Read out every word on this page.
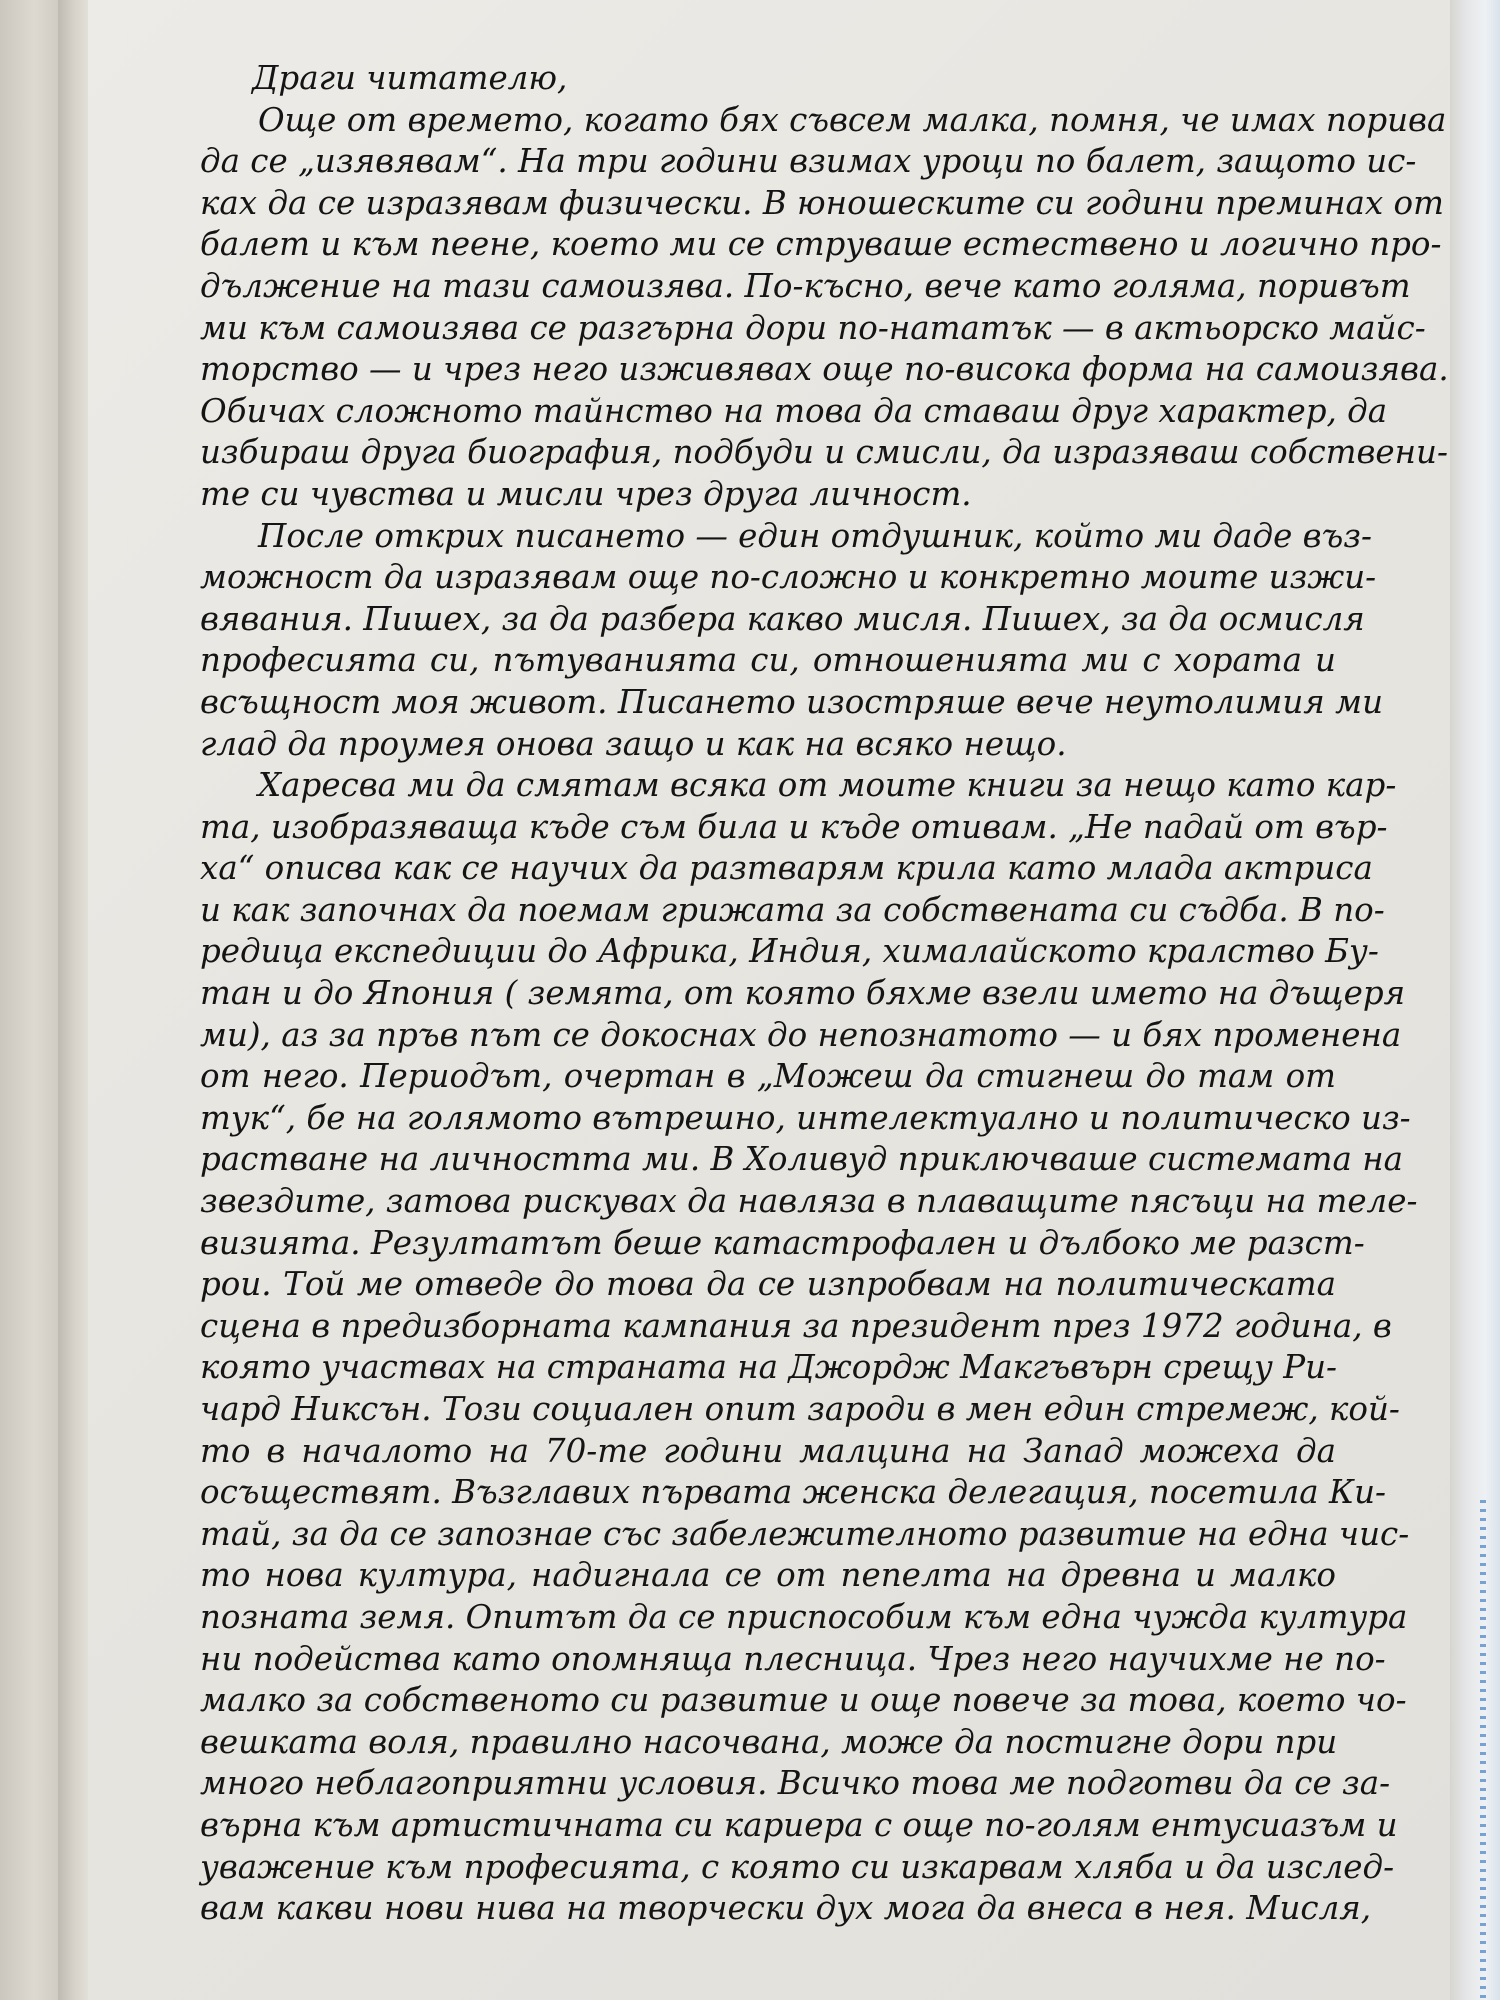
Драги читателю,
Още от времето, когато бях съвсем малка, помня, че имах порива
да се „изявявам“. На три години взимах уроци по балет, защото ис-
ках да се изразявам физически. В юношеските си години преминах от
балет и към пеене, което ми се струваше естествено и логично про-
дължение на тази самоизява. По-късно, вече като голяма, поривът
ми към самоизява се разгърна дори по-нататък — в актьорско майс-
торство — и чрез него изживявах още по-висока форма на самоизява.
Обичах сложното тайнство на това да ставаш друг характер, да
избираш друга биография, подбуди и смисли, да изразяваш собствени-
те си чувства и мисли чрез друга личност.
После открих писането — един отдушник, който ми даде въз-
можност да изразявам още по-сложно и конкретно моите изжи-
вявания. Пишех, за да разбера какво мисля. Пишех, за да осмисля
професията си, пътуванията си, отношенията ми с хората и
всъщност моя живот. Писането изостряше вече неутолимия ми
глад да проумея онова защо и как на всяко нещо.
Харесва ми да смятам всяка от моите книги за нещо като кар-
та, изобразяваща къде съм била и къде отивам. „Не падай от вър-
ха“ описва как се научих да разтварям крила като млада актриса
и как започнах да поемам грижата за собствената си съдба. В по-
редица експедиции до Африка, Индия, хималайското кралство Бу-
тан и до Япония ( земята, от която бяхме взели името на дъщеря
ми), аз за пръв път се докоснах до непознатото — и бях променена
от него. Периодът, очертан в „Можеш да стигнеш до там от
тук“, бе на голямото вътрешно, интелектуално и политическо из-
растване на личността ми. В Холивуд приключваше системата на
звездите, затова рискувах да навляза в плаващите пясъци на теле-
визията. Резултатът беше катастрофален и дълбоко ме разст-
рои. Той ме отведе до това да се изпробвам на политическата
сцена в предизборната кампания за президент през 1972 година, в
която участвах на страната на Джордж Макгъвърн срещу Ри-
чард Никсън. Този социален опит зароди в мен един стремеж, кой-
то в началото на 70-те години малцина на Запад можеха да
осъществят. Възглавих първата женска делегация, посетила Ки-
тай, за да се запознае със забележителното развитие на една чис-
то нова култура, надигнала се от пепелта на древна и малко
позната земя. Опитът да се приспособим към една чужда култура
ни подейства като опомняща плесница. Чрез него научихме не по-
малко за собственото си развитие и още повече за това, което чо-
вешката воля, правилно насочвана, може да постигне дори при
много неблагоприятни условия. Всичко това ме подготви да се за-
върна към артистичната си кариера с още по-голям ентусиазъм и
уважение към професията, с която си изкарвам хляба и да изслед-
вам какви нови нива на творчески дух мога да внеса в нея. Мисля,
